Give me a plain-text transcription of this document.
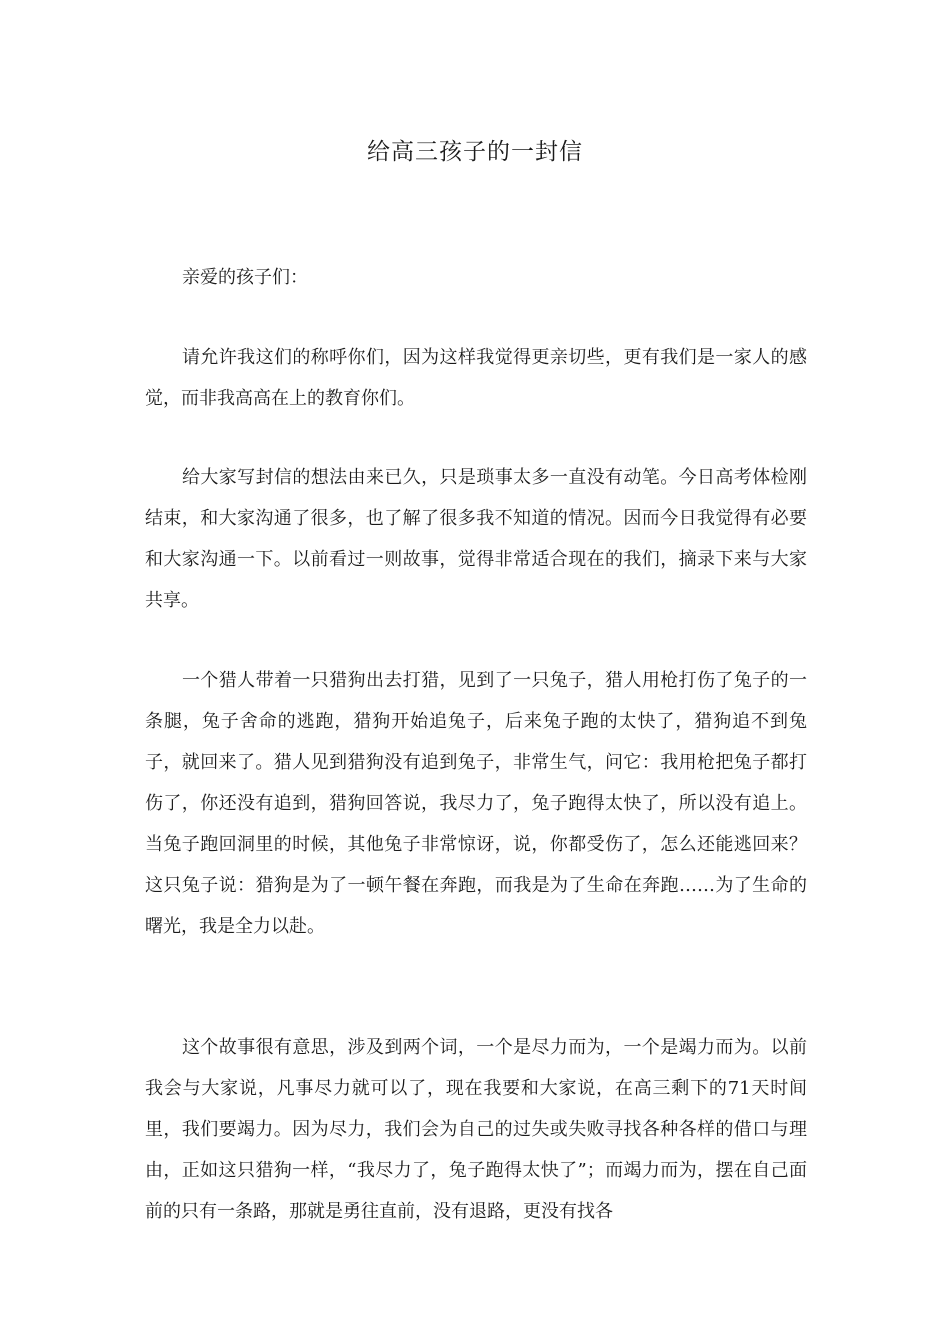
给高三孩子的一封信

亲爱的孩子们：

请允许我这们的称呼你们，因为这样我觉得更亲切些，更有我们是一家人的感觉，而非我高高在上的教育你们。

给大家写封信的想法由来已久，只是琐事太多一直没有动笔。今日高考体检刚结束，和大家沟通了很多，也了解了很多我不知道的情况。因而今日我觉得有必要和大家沟通一下。以前看过一则故事，觉得非常适合现在的我们，摘录下来与大家共享。

一个猎人带着一只猎狗出去打猎，见到了一只兔子，猎人用枪打伤了兔子的一条腿，兔子舍命的逃跑，猎狗开始追兔子，后来兔子跑的太快了，猎狗追不到兔子，就回来了。猎人见到猎狗没有追到兔子，非常生气，问它：我用枪把兔子都打伤了，你还没有追到，猎狗回答说，我尽力了，兔子跑得太快了，所以没有追上。当兔子跑回洞里的时候，其他兔子非常惊讶，说，你都受伤了，怎么还能逃回来？这只兔子说：猎狗是为了一顿午餐在奔跑，而我是为了生命在奔跑……为了生命的曙光，我是全力以赴。

这个故事很有意思，涉及到两个词，一个是尽力而为，一个是竭力而为。以前我会与大家说，凡事尽力就可以了，现在我要和大家说，在高三剩下的71天时间里，我们要竭力。因为尽力，我们会为自己的过失或失败寻找各种各样的借口与理由，正如这只猎狗一样，“我尽力了，兔子跑得太快了”；而竭力而为，摆在自己面前的只有一条路，那就是勇往直前，没有退路，更没有找各
